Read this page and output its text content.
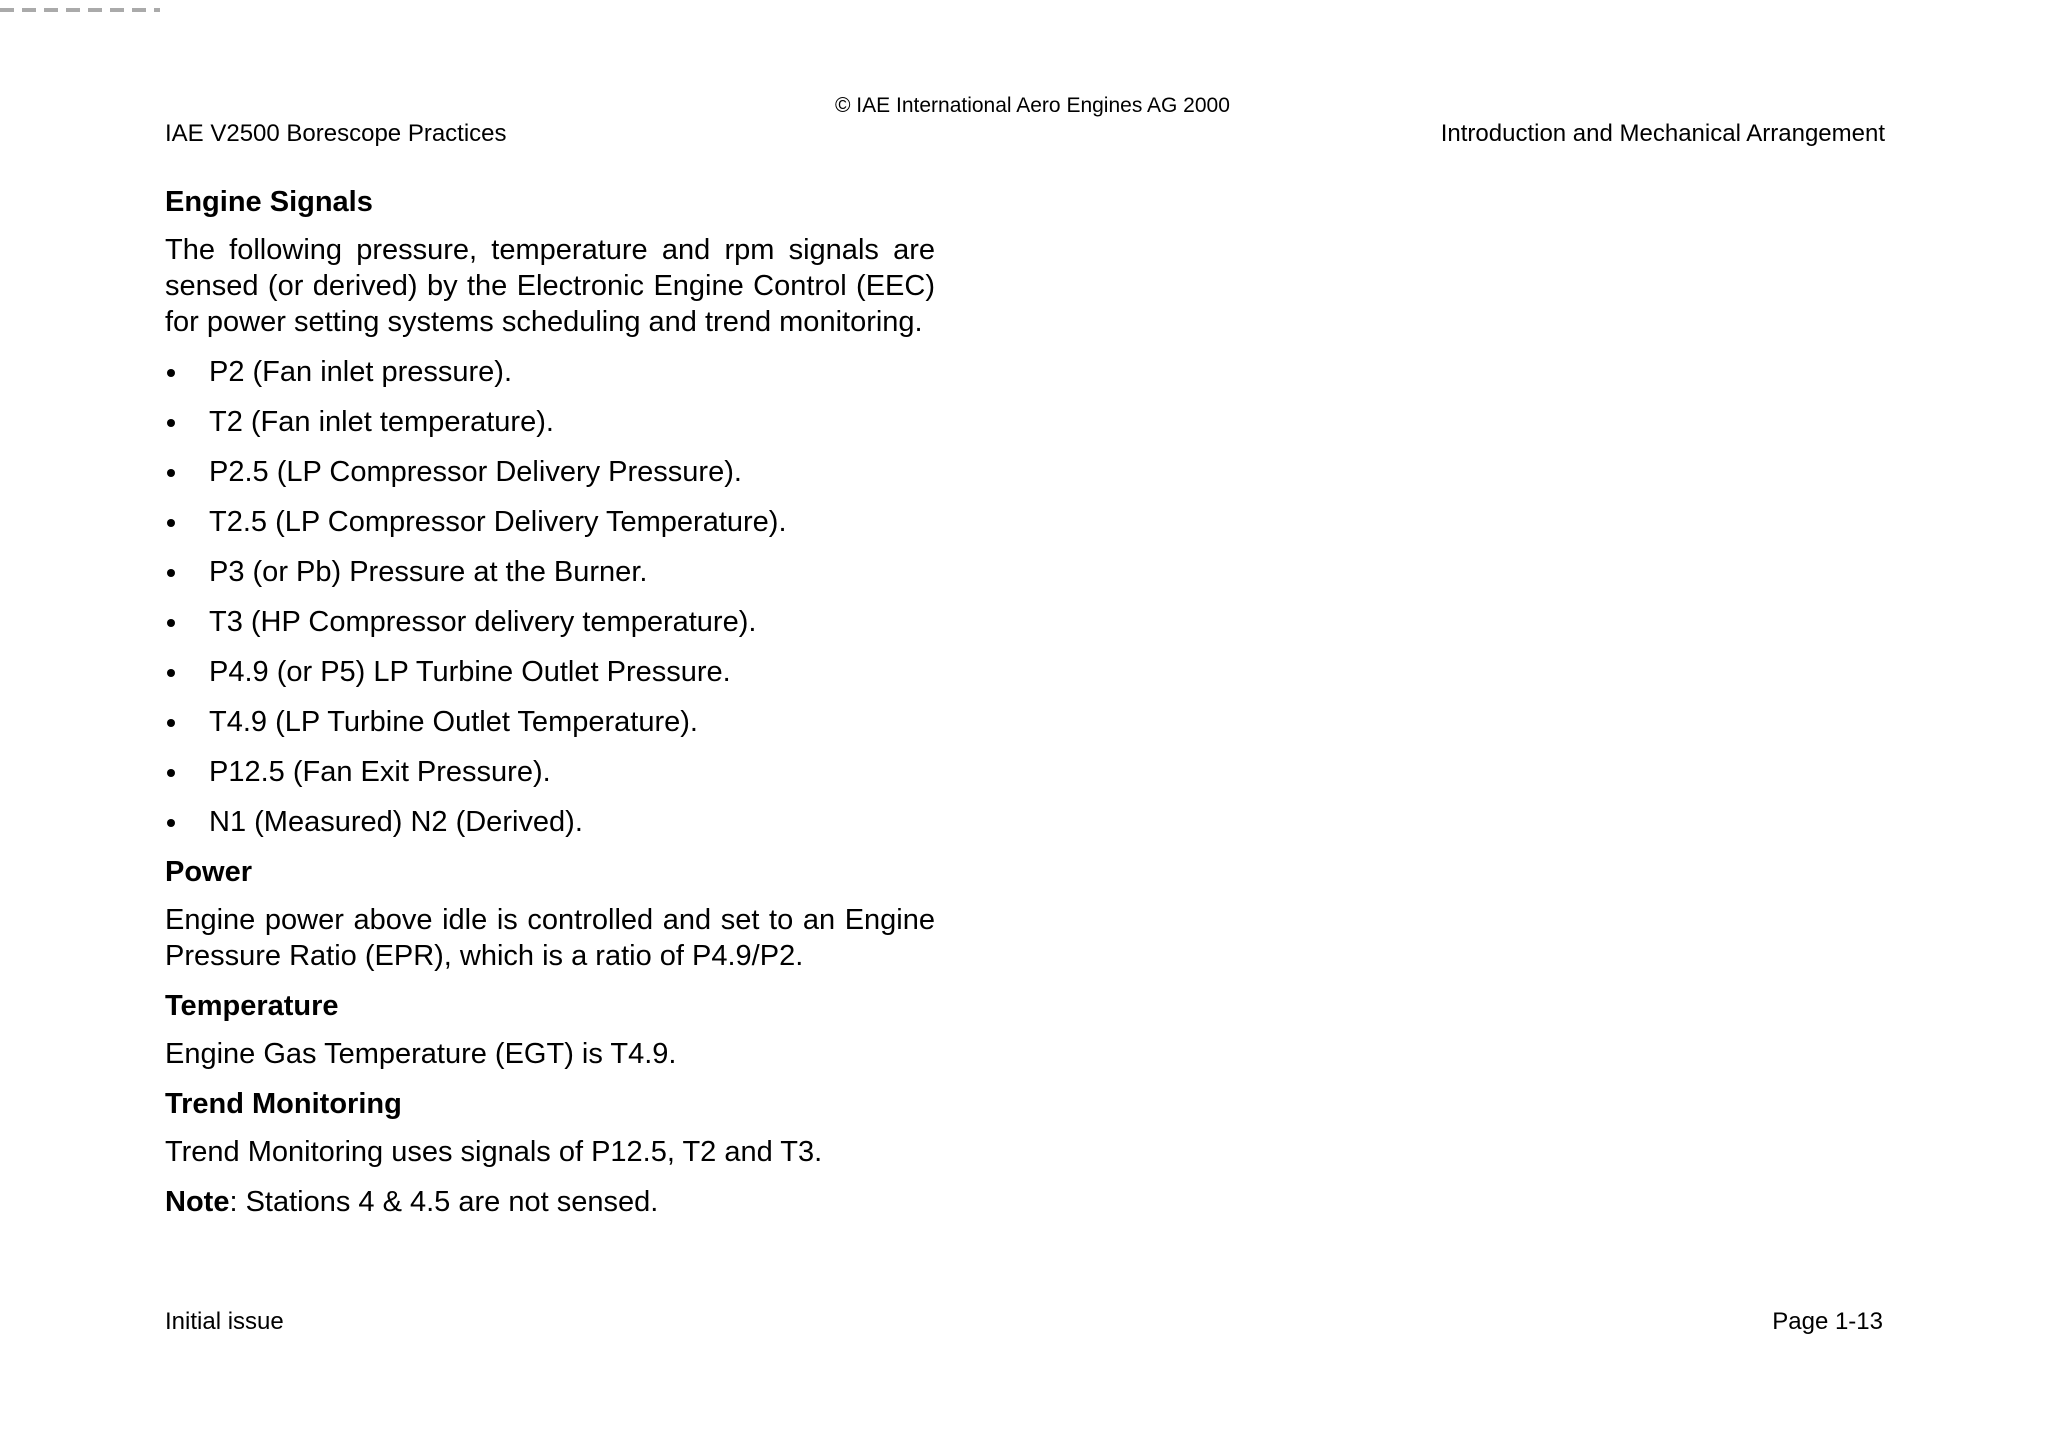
© IAE International Aero Engines AG 2000
IAE V2500 Borescope Practices	Introduction and Mechanical Arrangement
Engine Signals
The following pressure, temperature and rpm signals are sensed (or derived) by the Electronic Engine Control (EEC) for power setting systems scheduling and trend monitoring.
P2 (Fan inlet pressure).
T2 (Fan inlet temperature).
P2.5 (LP Compressor Delivery Pressure).
T2.5 (LP Compressor Delivery Temperature).
P3 (or Pb) Pressure at the Burner.
T3 (HP Compressor delivery temperature).
P4.9 (or P5) LP Turbine Outlet Pressure.
T4.9 (LP Turbine Outlet Temperature).
P12.5 (Fan Exit Pressure).
N1 (Measured) N2 (Derived).
Power
Engine power above idle is controlled and set to an Engine Pressure Ratio (EPR), which is a ratio of P4.9/P2.
Temperature
Engine Gas Temperature (EGT) is T4.9.
Trend Monitoring
Trend Monitoring uses signals of P12.5, T2 and T3.
Note: Stations 4 & 4.5 are not sensed.
Initial issue	Page 1-13
